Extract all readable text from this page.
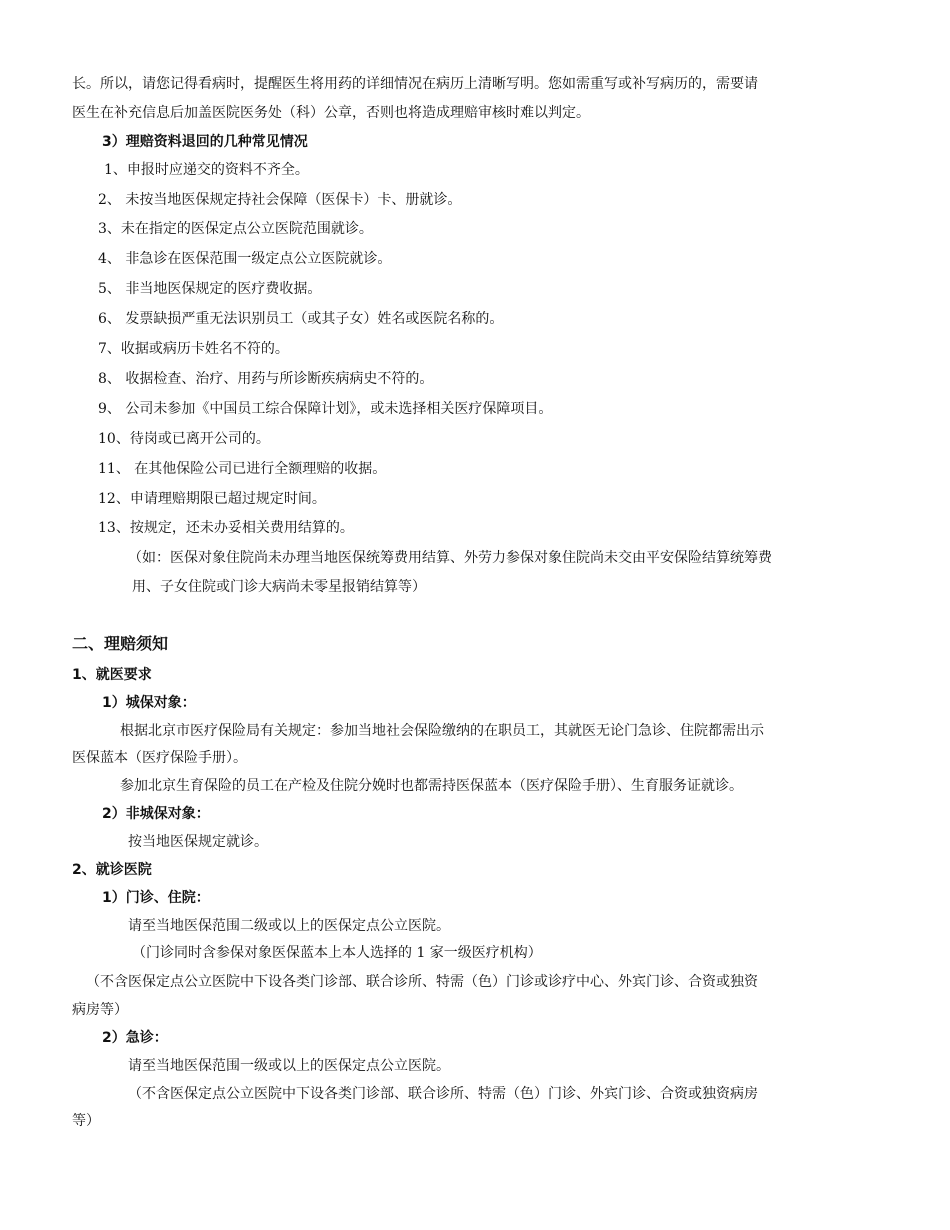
长。所以，请您记得看病时，提醒医生将用药的详细情况在病历上清晰写明。您如需重写或补写病历的，需要请
医生在补充信息后加盖医院医务处（科）公章，否则也将造成理赔审核时难以判定。
3）理赔资料退回的几种常见情况
1、申报时应递交的资料不齐全。
2、 未按当地医保规定持社会保障（医保卡）卡、册就诊。
3、未在指定的医保定点公立医院范围就诊。
4、 非急诊在医保范围一级定点公立医院就诊。
5、 非当地医保规定的医疗费收据。
6、 发票缺损严重无法识别员工（或其子女）姓名或医院名称的。
7、收据或病历卡姓名不符的。
8、 收据检查、治疗、用药与所诊断疾病病史不符的。
9、 公司未参加《中国员工综合保障计划》，或未选择相关医疗保障项目。
10、待岗或已离开公司的。
11、 在其他保险公司已进行全额理赔的收据。
12、申请理赔期限已超过规定时间。
13、按规定，还未办妥相关费用结算的。
（如：医保对象住院尚未办理当地医保统筹费用结算、外劳力参保对象住院尚未交由平安保险结算统筹费
用、子女住院或门诊大病尚未零星报销结算等）
二、理赔须知
1、就医要求
1）城保对象：
根据北京市医疗保险局有关规定：参加当地社会保险缴纳的在职员工，其就医无论门急诊、住院都需出示
医保蓝本（医疗保险手册）。
参加北京生育保险的员工在产检及住院分娩时也都需持医保蓝本（医疗保险手册）、生育服务证就诊。
2）非城保对象：
按当地医保规定就诊。
2、就诊医院
1）门诊、住院：
请至当地医保范围二级或以上的医保定点公立医院。
（门诊同时含参保对象医保蓝本上本人选择的 1 家一级医疗机构）
（不含医保定点公立医院中下设各类门诊部、联合诊所、特需（色）门诊或诊疗中心、外宾门诊、合资或独资
病房等）
2）急诊：
请至当地医保范围一级或以上的医保定点公立医院。
（不含医保定点公立医院中下设各类门诊部、联合诊所、特需（色）门诊、外宾门诊、合资或独资病房
等）
